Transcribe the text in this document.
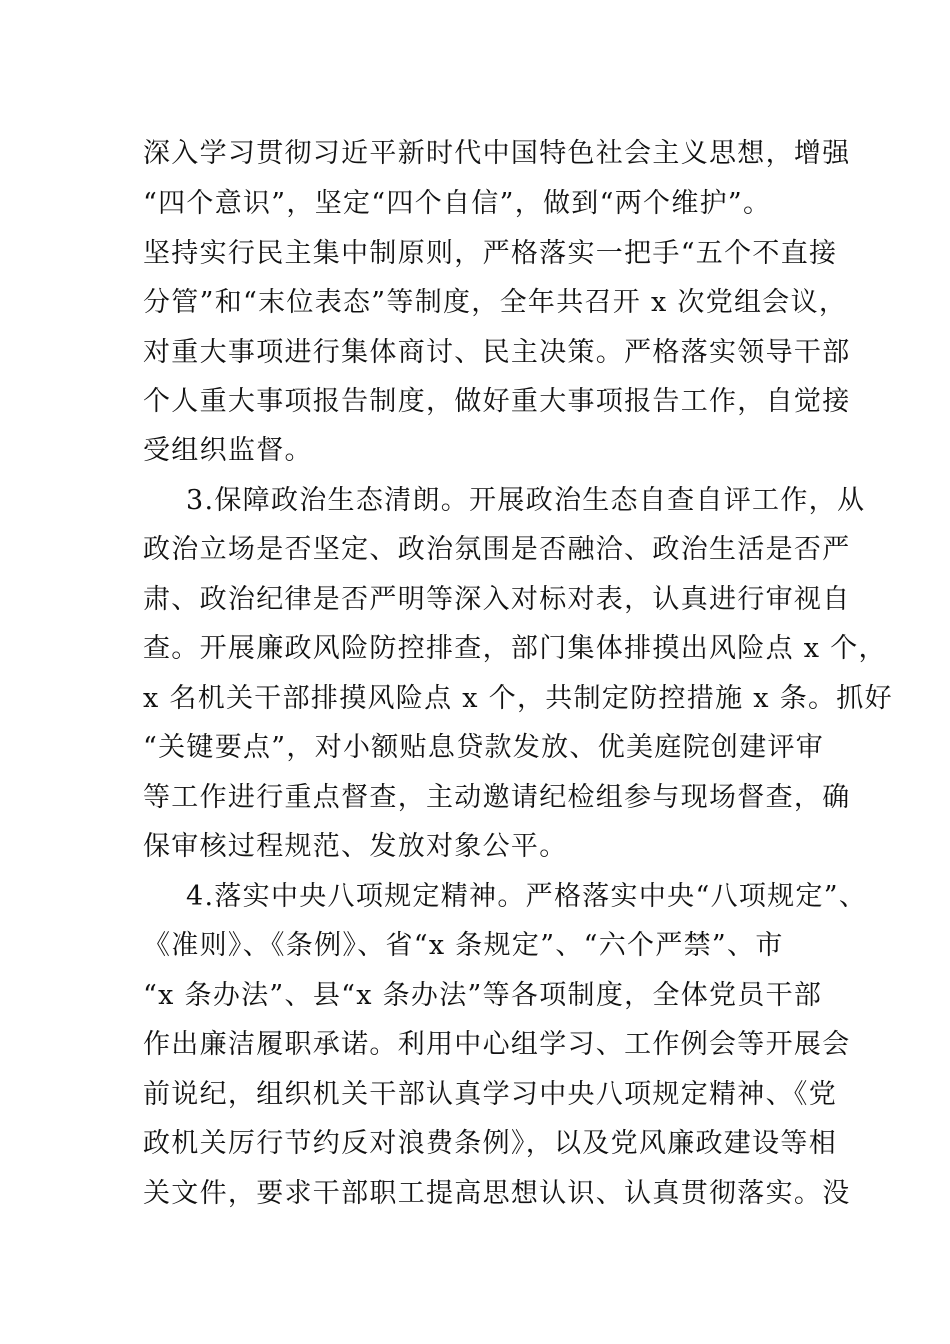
深入学习贯彻习近平新时代中国特色社会主义思想，增强
“四个意识”，坚定“四个自信”，做到“两个维护”。
坚持实行民主集中制原则，严格落实一把手“五个不直接
分管”和“末位表态”等制度，全年共召开 x 次党组会议，
对重大事项进行集体商讨、民主决策。严格落实领导干部
个人重大事项报告制度，做好重大事项报告工作，自觉接
受组织监督。
3.保障政治生态清朗。开展政治生态自查自评工作，从
政治立场是否坚定、政治氛围是否融洽、政治生活是否严
肃、政治纪律是否严明等深入对标对表，认真进行审视自
查。开展廉政风险防控排查，部门集体排摸出风险点 x 个，
x 名机关干部排摸风险点 x 个，共制定防控措施 x 条。抓好
“关键要点”，对小额贴息贷款发放、优美庭院创建评审
等工作进行重点督查，主动邀请纪检组参与现场督查，确
保审核过程规范、发放对象公平。
4.落实中央八项规定精神。严格落实中央“八项规定”、
《准则》、《条例》、省“x 条规定”、“六个严禁”、市
“x 条办法”、县“x 条办法”等各项制度，全体党员干部
作出廉洁履职承诺。利用中心组学习、工作例会等开展会
前说纪，组织机关干部认真学习中央八项规定精神、《党
政机关厉行节约反对浪费条例》，以及党风廉政建设等相
关文件，要求干部职工提高思想认识、认真贯彻落实。没
